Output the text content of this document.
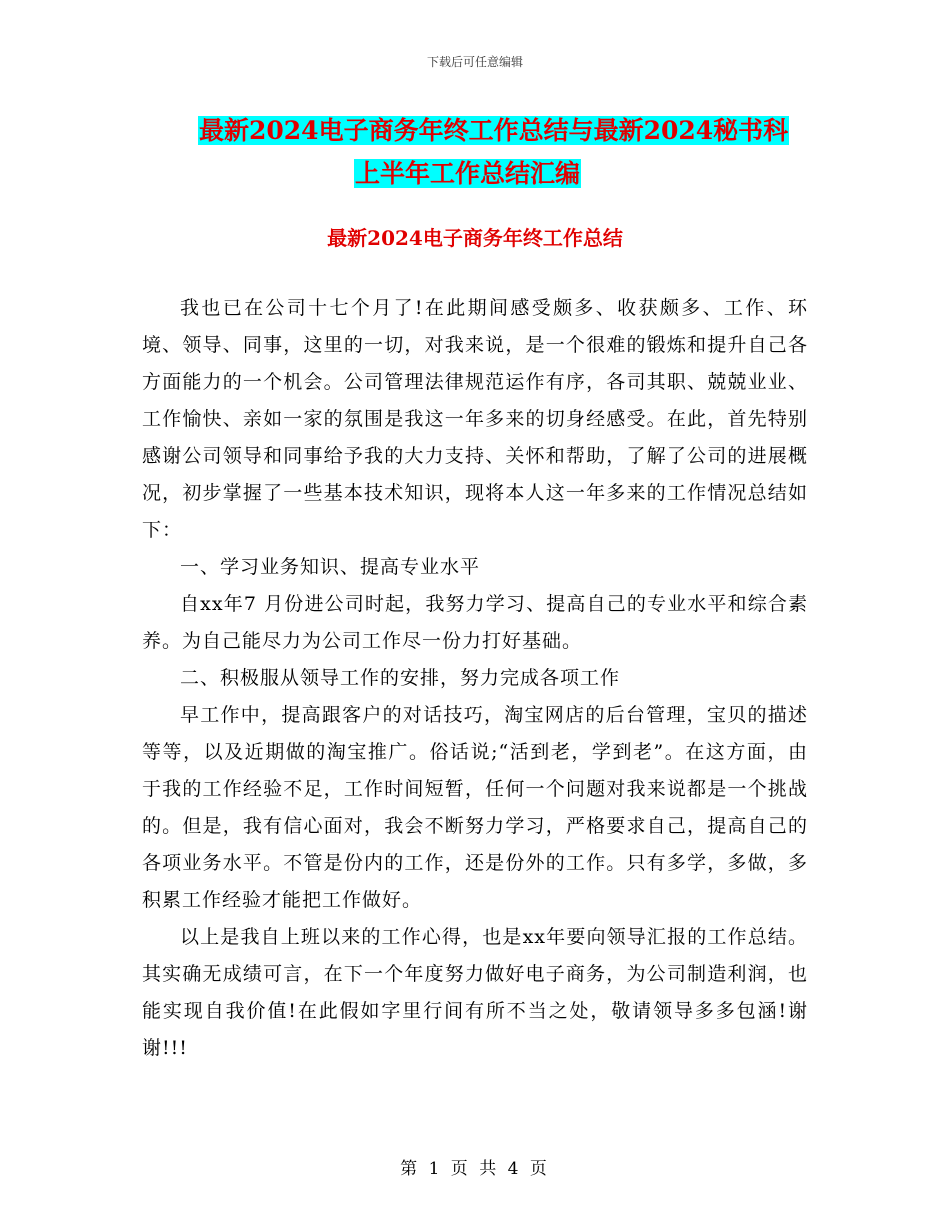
下载后可任意编辑
最新2024电子商务年终工作总结与最新2024秘书科
上半年工作总结汇编
最新2024电子商务年终工作总结

我也已在公司十七个月了!在此期间感受颇多、收获颇多、工作、环境、领导、同事，这里的一切，对我来说，是一个很难的锻炼和提升自己各方面能力的一个机会。公司管理法律规范运作有序，各司其职、兢兢业业、工作愉快、亲如一家的氛围是我这一年多来的切身经感受。在此，首先特别感谢公司领导和同事给予我的大力支持、关怀和帮助，了解了公司的进展概况，初步掌握了一些基本技术知识，现将本人这一年多来的工作情况总结如下：

一、学习业务知识、提高专业水平

自xx年7 月份进公司时起，我努力学习、提高自己的专业水平和综合素养。为自己能尽力为公司工作尽一份力打好基础。

二、积极服从领导工作的安排，努力完成各项工作

早工作中，提高跟客户的对话技巧，淘宝网店的后台管理，宝贝的描述等等，以及近期做的淘宝推广。俗话说;“活到老，学到老”。在这方面，由于我的工作经验不足，工作时间短暂，任何一个问题对我来说都是一个挑战的。但是，我有信心面对，我会不断努力学习，严格要求自己，提高自己的各项业务水平。不管是份内的工作，还是份外的工作。只有多学，多做，多积累工作经验才能把工作做好。

以上是我自上班以来的工作心得，也是xx年要向领导汇报的工作总结。其实确无成绩可言，在下一个年度努力做好电子商务，为公司制造利润，也能实现自我价值!在此假如字里行间有所不当之处，敬请领导多多包涵!谢谢!!!

第 1 页 共 4 页
